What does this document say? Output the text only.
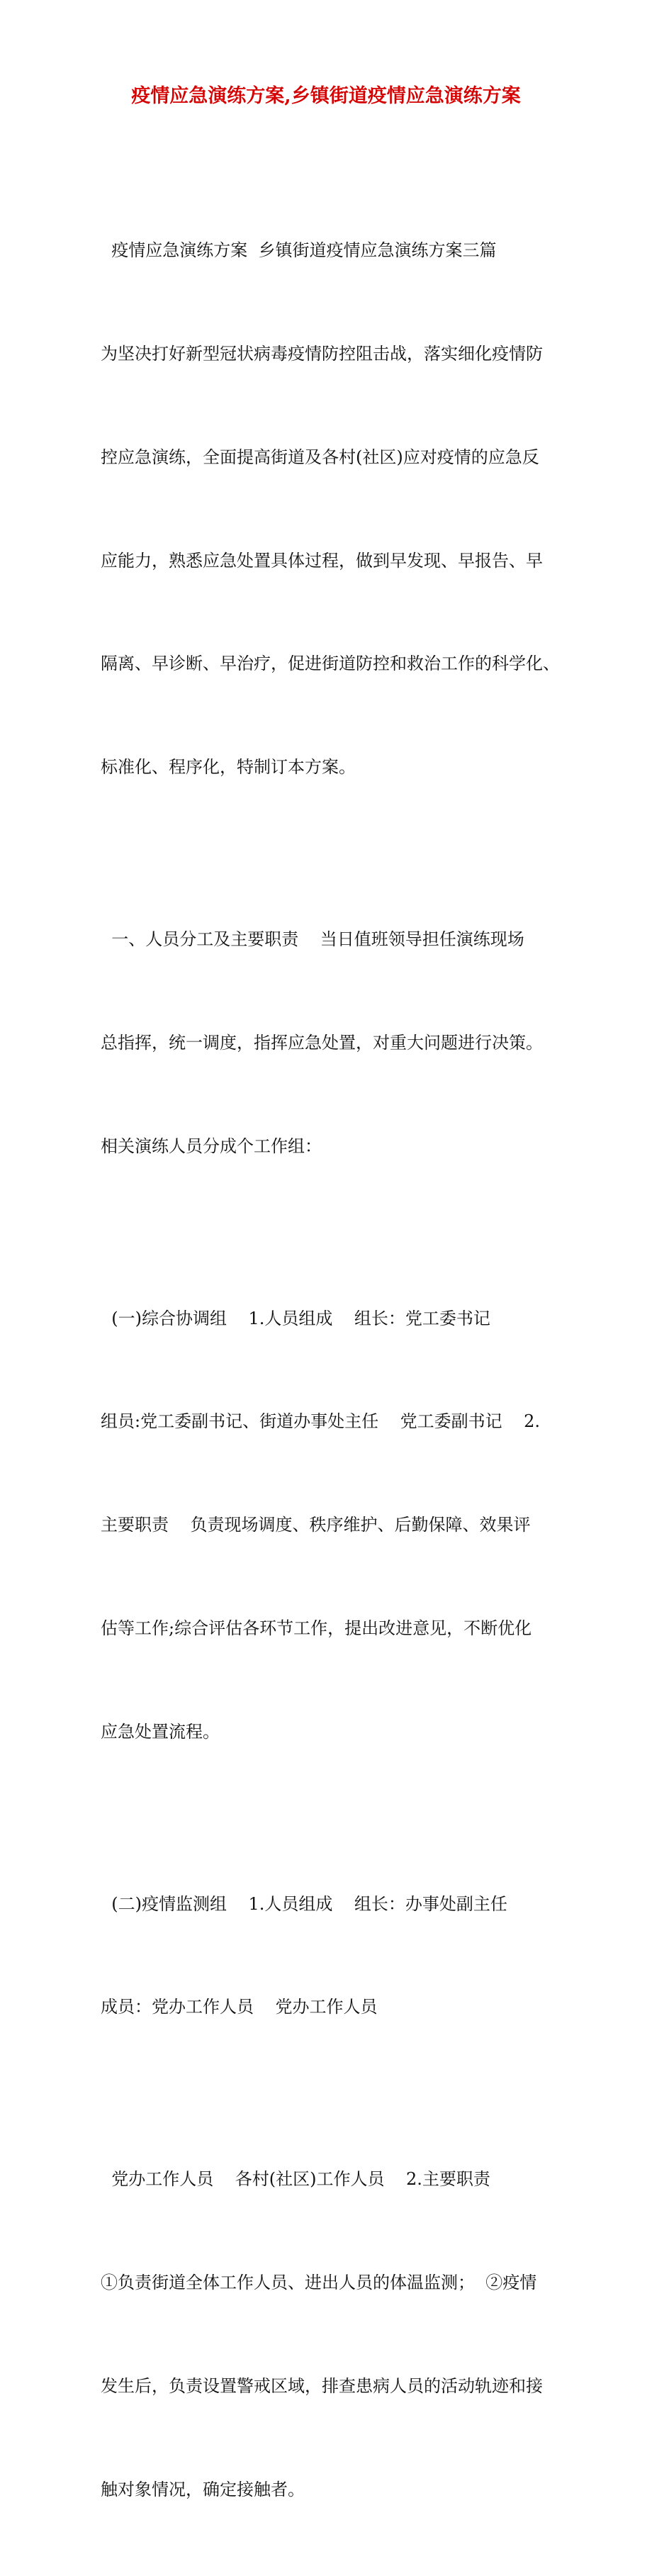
疫情应急演练方案,乡镇街道疫情应急演练方案

疫情应急演练方案  乡镇街道疫情应急演练方案三篇

为坚决打好新型冠状病毒疫情防控阻击战，落实细化疫情防

控应急演练，全面提高街道及各村(社区)应对疫情的应急反

应能力，熟悉应急处置具体过程，做到早发现、早报告、早

隔离、早诊断、早治疗，促进街道防控和救治工作的科学化、

标准化、程序化，特制订本方案。

一、人员分工及主要职责    当日值班领导担任演练现场

总指挥，统一调度，指挥应急处置，对重大问题进行决策。

相关演练人员分成个工作组：

(一)综合协调组    1.人员组成    组长：党工委书记

组员:党工委副书记、街道办事处主任    党工委副书记    2.

主要职责    负责现场调度、秩序维护、后勤保障、效果评

估等工作;综合评估各环节工作，提出改进意见，不断优化

应急处置流程。

(二)疫情监测组    1.人员组成    组长：办事处副主任

成员：党办工作人员    党办工作人员

党办工作人员    各村(社区)工作人员    2.主要职责

①负责街道全体工作人员、进出人员的体温监测；  ②疫情

发生后，负责设置警戒区域，排查患病人员的活动轨迹和接

触对象情况，确定接触者。
